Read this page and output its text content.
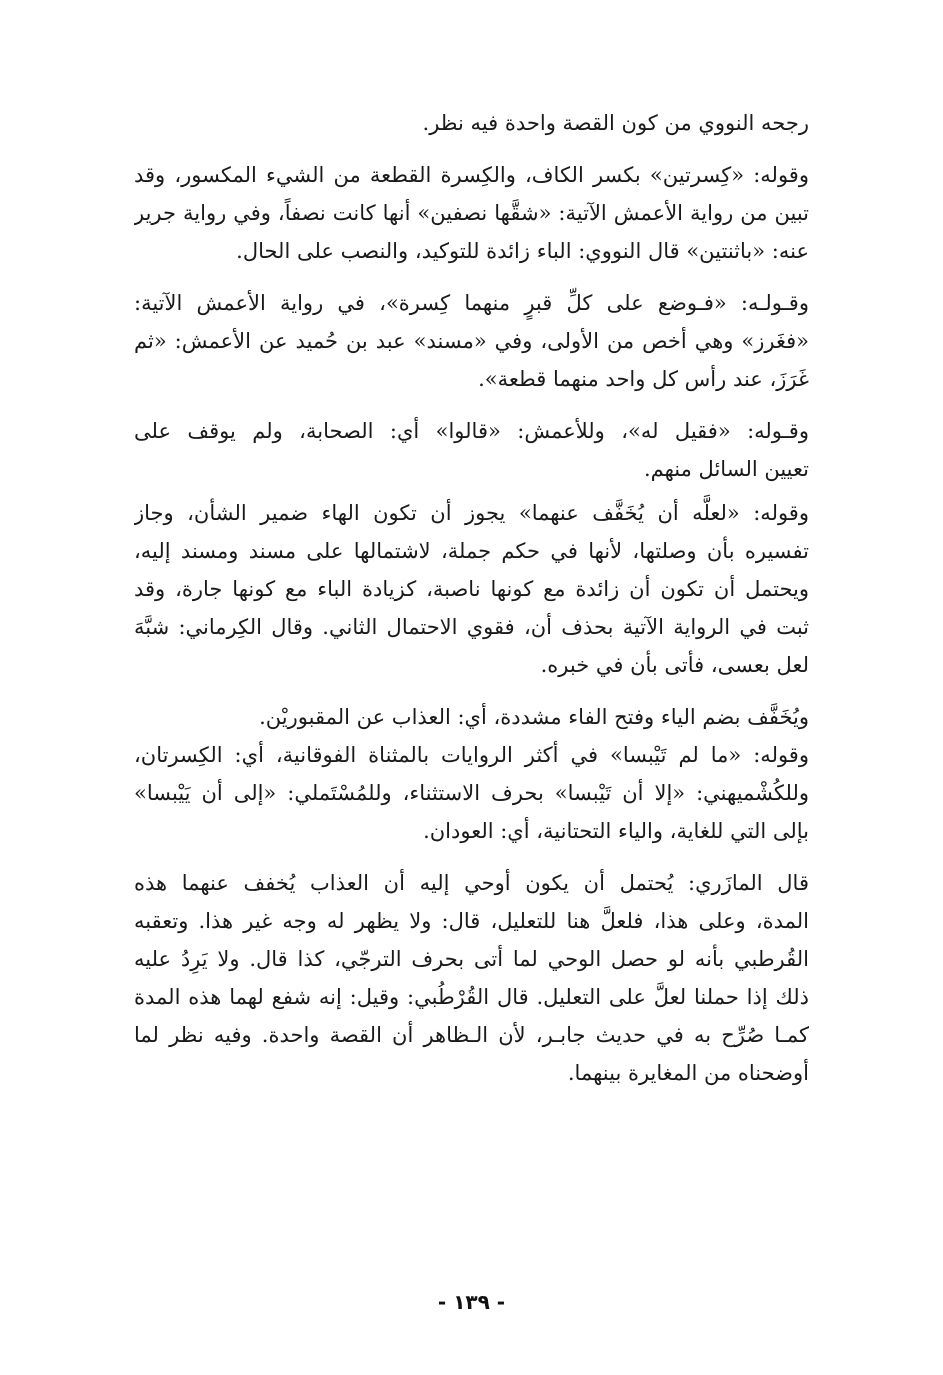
رجحه النووي من كون القصة واحدة فيه نظر.

وقوله: «كِسرتين» بكسر الكاف، والكِسرة القطعة من الشيء المكسور، وقد
تبين من رواية الأعمش الآتية: «شقَّها نصفين» أنها كانت نصفاً، وفي رواية جرير
عنه: «باثنتين» قال النووي: الباء زائدة للتوكيد، والنصب على الحال.

وقـولـه: «فـوضع على كلِّ قبرٍ منهما كِسرة»، في رواية الأعمش الآتية:
«فغَرز» وهي أخص من الأولى، وفي «مسند» عبد بن حُميد عن الأعمش: «ثم
غَرَزَ، عند رأس كل واحد منهما قطعة».

وقـوله: «فقيل له»، وللأعمش: «قالوا» أي: الصحابة، ولم يوقف على
تعيين السائل منهم.

وقوله: «لعلَّه أن يُخَفَّف عنهما» يجوز أن تكون الهاء ضمير الشأن، وجاز
تفسيره بأن وصلتها، لأنها في حكم جملة، لاشتمالها على مسند ومسند إليه،
ويحتمل أن تكون أن زائدة مع كونها ناصبة، كزيادة الباء مع كونها جارة، وقد
ثبت في الرواية الآتية بحذف أن، فقوي الاحتمال الثاني. وقال الكِرماني: شبَّهَ
لعل بعسى، فأتى بأن في خبره.

ويُخَفَّف بضم الياء وفتح الفاء مشددة، أي: العذاب عن المقبوريْن.

وقوله: «ما لم تَيْبسا» في أكثر الروايات بالمثناة الفوقانية، أي: الكِسرتان،
وللكُشْميهني: «إلا أن تَيْبسا» بحرف الاستثناء، وللمُسْتَملي: «إلى أن يَيْبسا»
بإلى التي للغاية، والياء التحتانية، أي: العودان.

قال المازَري: يُحتمل أن يكون أوحي إليه أن العذاب يُخفف عنهما هذه
المدة، وعلى هذا، فلعلَّ هنا للتعليل، قال: ولا يظهر له وجه غير هذا. وتعقبه
القُرطبي بأنه لو حصل الوحي لما أتى بحرف الترجّي، كذا قال. ولا يَرِدُ عليه
ذلك إذا حملنا لعلَّ على التعليل. قال القُرْطُبي: وقيل: إنه شفع لهما هذه المدة
كمـا صُرِّح به في حديث جابـر، لأن الـظاهر أن القصة واحدة. وفيه نظر لما
أوضحناه من المغايرة بينهما.

- ١٣٩ -
